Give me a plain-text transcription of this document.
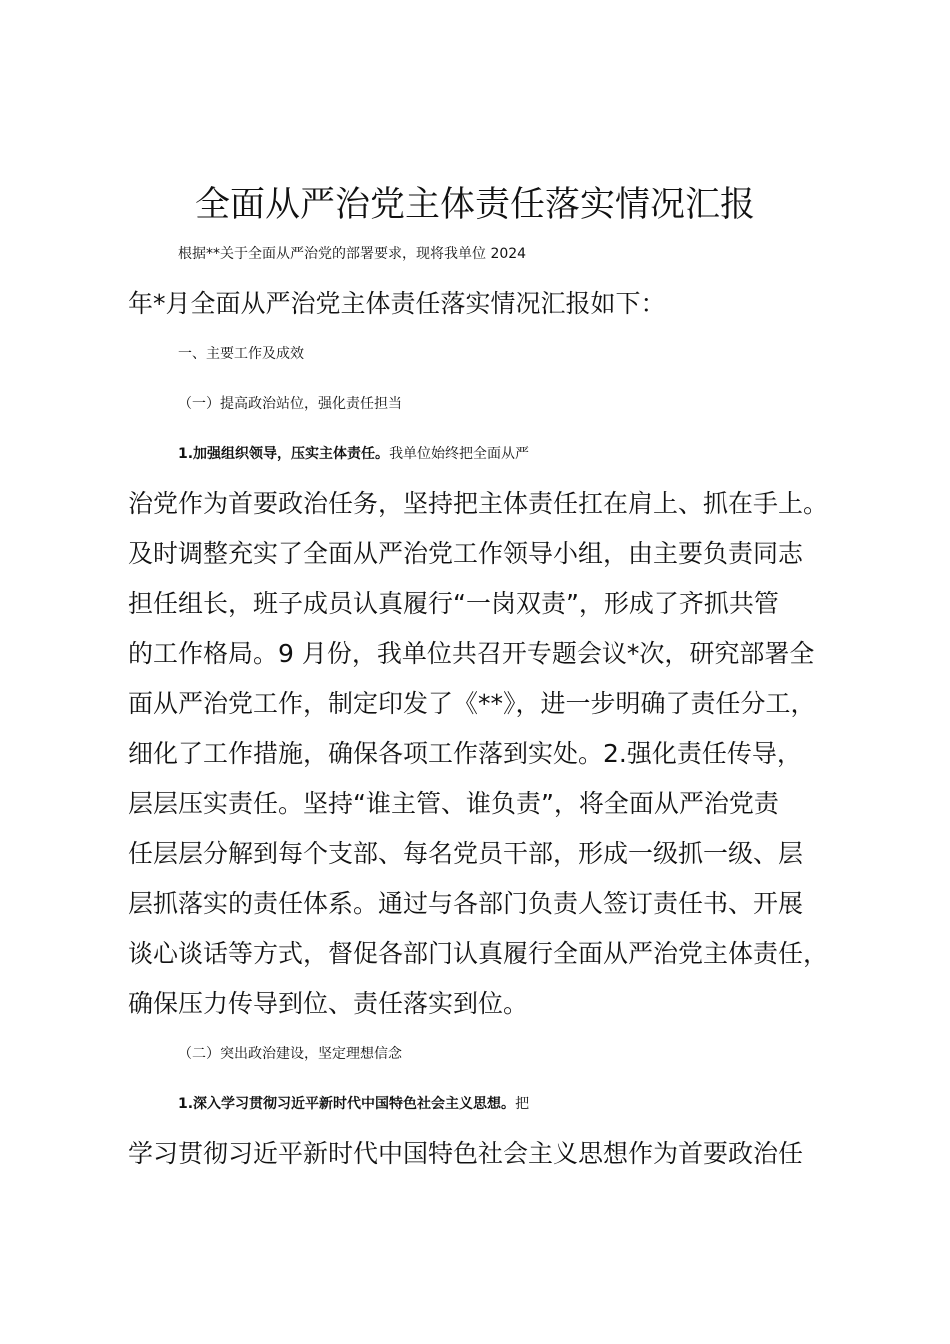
全面从严治党主体责任落实情况汇报

根据**关于全面从严治党的部署要求，现将我单位 2024

年*月全面从严治党主体责任落实情况汇报如下：

一、主要工作及成效

（一）提高政治站位，强化责任担当

1.加强组织领导，压实主体责任。我单位始终把全面从严

治党作为首要政治任务，坚持把主体责任扛在肩上、抓在手上。

及时调整充实了全面从严治党工作领导小组，由主要负责同志

担任组长，班子成员认真履行“一岗双责”，形成了齐抓共管

的工作格局。9 月份，我单位共召开专题会议*次，研究部署全

面从严治党工作，制定印发了《**》，进一步明确了责任分工，

细化了工作措施，确保各项工作落到实处。2.强化责任传导，

层层压实责任。坚持“谁主管、谁负责”，将全面从严治党责

任层层分解到每个支部、每名党员干部，形成一级抓一级、层

层抓落实的责任体系。通过与各部门负责人签订责任书、开展

谈心谈话等方式，督促各部门认真履行全面从严治党主体责任，

确保压力传导到位、责任落实到位。

（二）突出政治建设，坚定理想信念

1.深入学习贯彻习近平新时代中国特色社会主义思想。把

学习贯彻习近平新时代中国特色社会主义思想作为首要政治任
